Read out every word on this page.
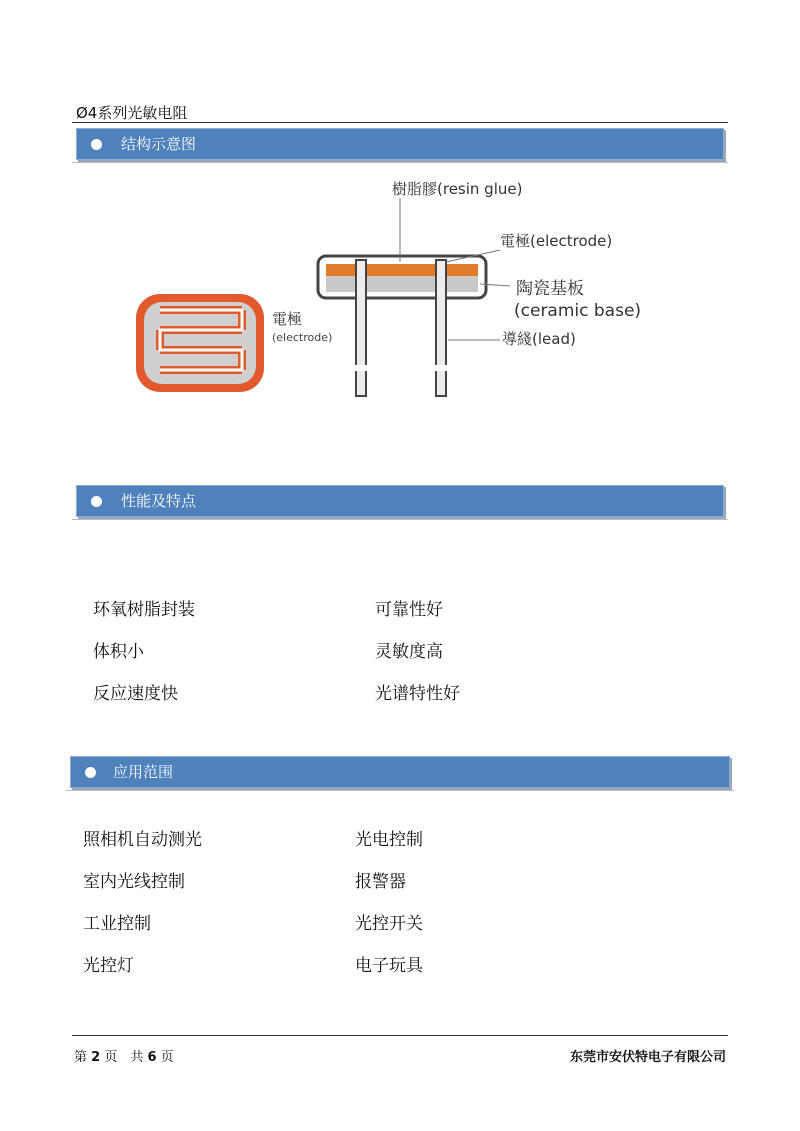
Ø4系列光敏电阻
结构示意图
電極
(electrode)
樹脂膠(resin glue)
電極(electrode)
陶瓷基板
(ceramic base)
導綫(lead)
性能及特点
环氧树脂封装	可靠性好
体积小	灵敏度高
反应速度快	光谱特性好
应用范围
照相机自动测光	光电控制
室内光线控制	报警器
工业控制	光控开关
光控灯	电子玩具
第 2 页　共 6 页	东莞市安伏特电子有限公司
